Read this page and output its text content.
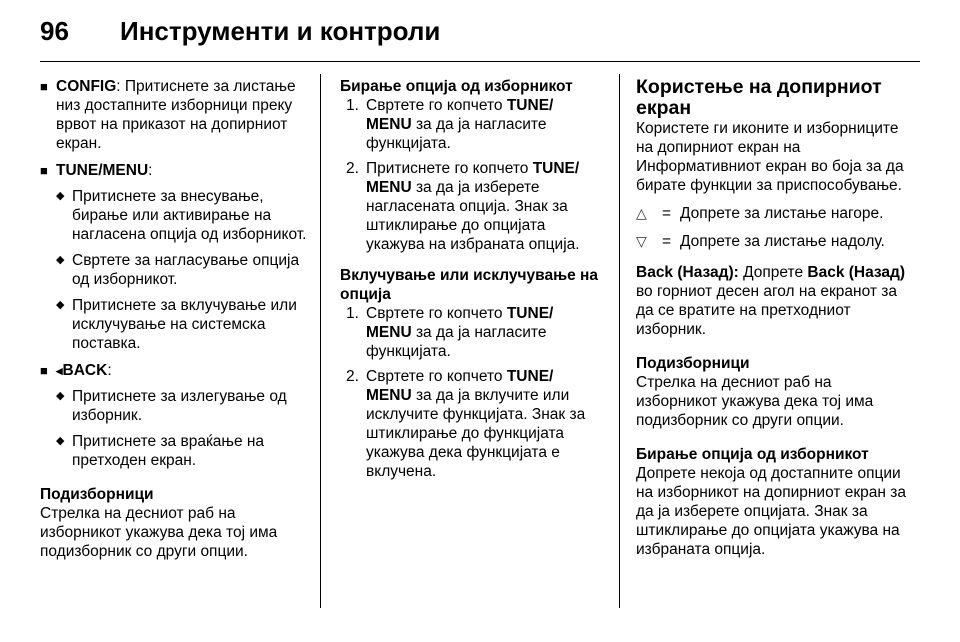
96 Инструменти и контроли
■ CONFIG: Притиснете за листање низ достапните изборници преку врвот на приказот на допирниот екран.
■ TUNE/MENU:
◆ Притиснете за внесување, бирање или активирање на нагласена опција од изборникот.
◆ Свртете за нагласување опција од изборникот.
◆ Притиснете за вклучување или исклучување на системска поставка.
■ ◂BACK:
◆ Притиснете за излегување од изборник.
◆ Притиснете за враќање на претходен екран.
Подизборници
Стрелка на десниот раб на изборникот укажува дека тој има подизборник со други опции.
Бирање опција од изборникот
1. Свртете го копчето TUNE/ MENU за да ја нагласите функцијата.
2. Притиснете го копчето TUNE/ MENU за да ја изберете нагласената опција. Знак за штиклирање до опцијата укажува на избраната опција.
Вклучување или исклучување на опција
1. Свртете го копчето TUNE/ MENU за да ја нагласите функцијата.
2. Свртете го копчето TUNE/ MENU за да ја вклучите или исклучите функцијата. Знак за штиклирање до функцијата укажува дека функцијата е вклучена.
Користење на допирниот екран
Користете ги иконите и изборниците на допирниот екран на Информативниот екран во боја за да бирате функции за приспособување.
△ = Допрете за листање нагоре.
▽ = Допрете за листање надолу.
Back (Назад): Допрете Back (Назад) во горниот десен агол на екранот за да се вратите на претходниот изборник.
Подизборници
Стрелка на десниот раб на изборникот укажува дека тој има подизборник со други опции.
Бирање опција од изборникот
Допрете некоја од достапните опции на изборникот на допирниот екран за да ја изберете опцијата. Знак за штиклирање до опцијата укажува на избраната опција.
